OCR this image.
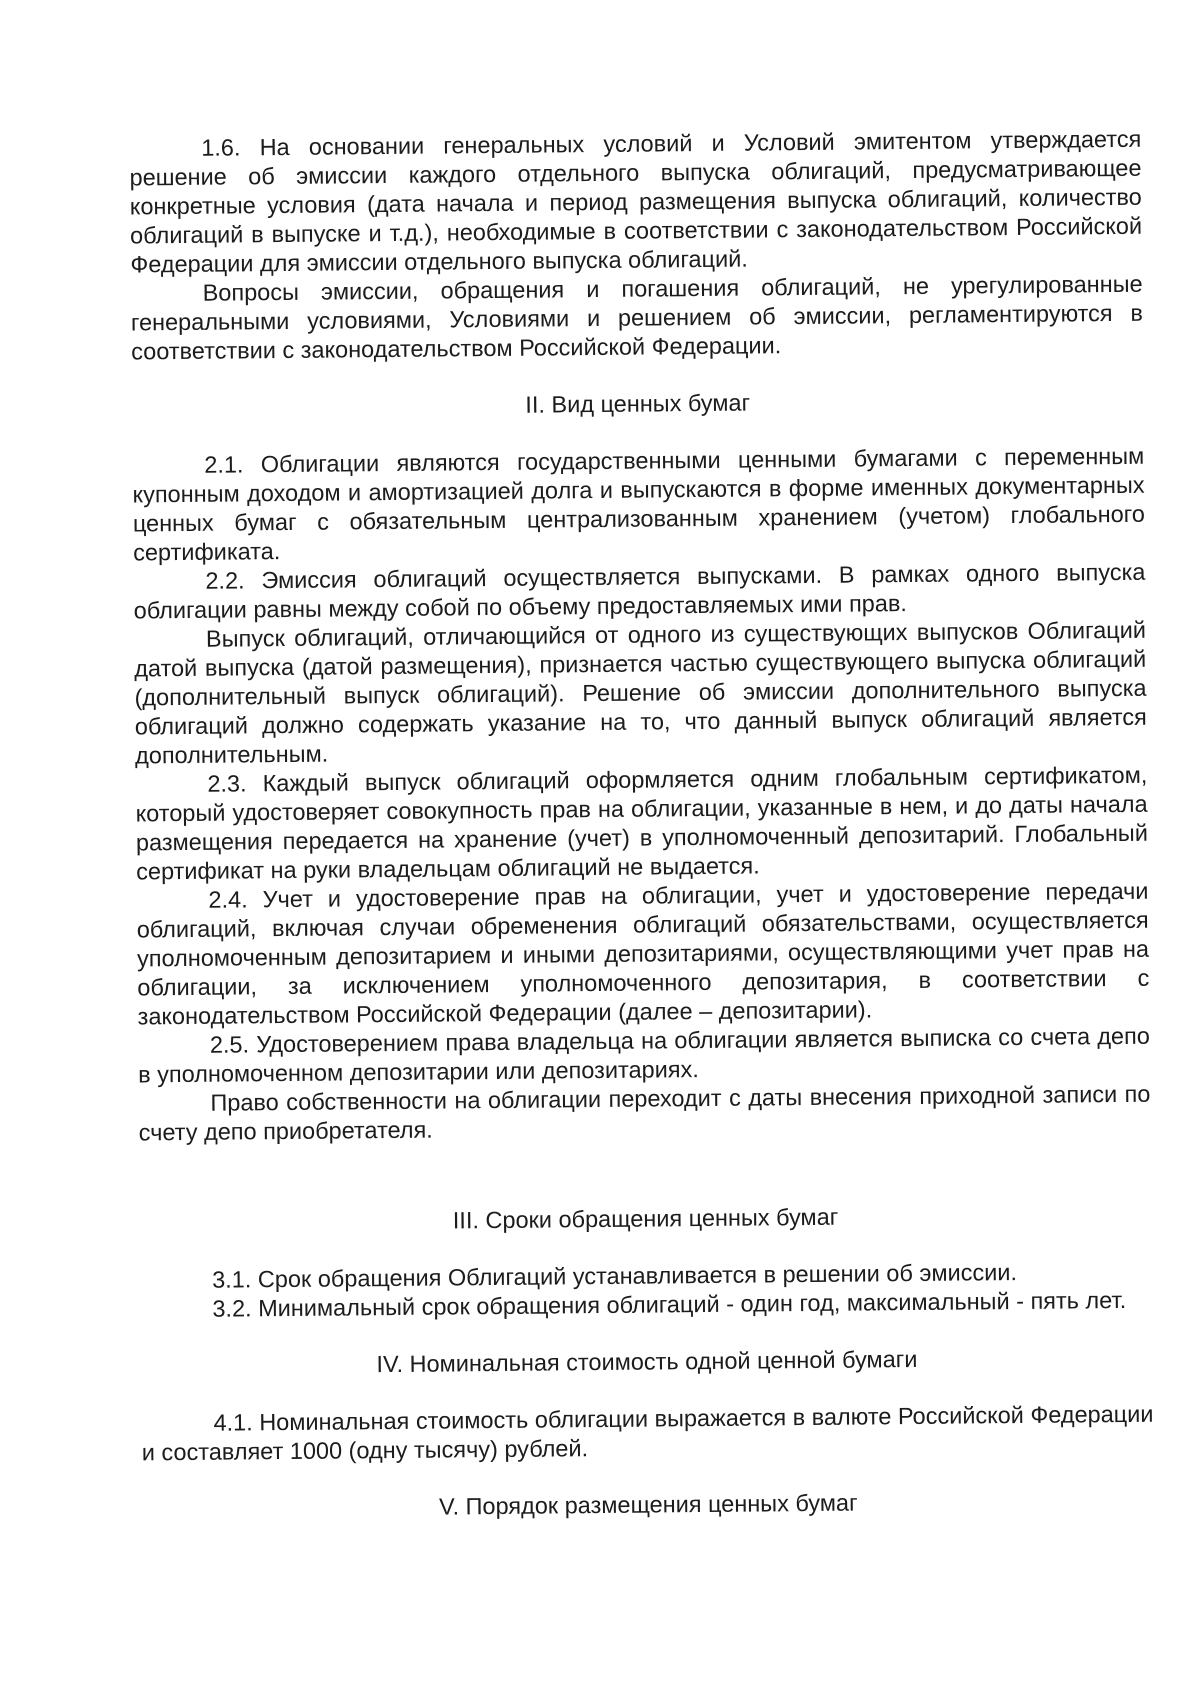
1.6. На основании генеральных условий и Условий эмитентом утверждается решение об эмиссии каждого отдельного выпуска облигаций, предусматривающее конкретные условия (дата начала и период размещения выпуска облигаций, количество облигаций в выпуске и т.д.), необходимые в соответствии с законодательством Российской Федерации для эмиссии отдельного выпуска облигаций.

Вопросы эмиссии, обращения и погашения облигаций, не урегулированные генеральными условиями, Условиями и решением об эмиссии, регламентируются в соответствии с законодательством Российской Федерации.

II. Вид ценных бумаг

2.1. Облигации являются государственными ценными бумагами с переменным купонным доходом и амортизацией долга и выпускаются в форме именных документарных ценных бумаг с обязательным централизованным хранением (учетом) глобального сертификата.

2.2. Эмиссия облигаций осуществляется выпусками. В рамках одного выпуска облигации равны между собой по объему предоставляемых ими прав.

Выпуск облигаций, отличающийся от одного из существующих выпусков Облигаций датой выпуска (датой размещения), признается частью существующего выпуска облигаций (дополнительный выпуск облигаций). Решение об эмиссии дополнительного выпуска облигаций должно содержать указание на то, что данный выпуск облигаций является дополнительным.

2.3. Каждый выпуск облигаций оформляется одним глобальным сертификатом, который удостоверяет совокупность прав на облигации, указанные в нем, и до даты начала размещения передается на хранение (учет) в уполномоченный депозитарий. Глобальный сертификат на руки владельцам облигаций не выдается.

2.4. Учет и удостоверение прав на облигации, учет и удостоверение передачи облигаций, включая случаи обременения облигаций обязательствами, осуществляется уполномоченным депозитарием и иными депозитариями, осуществляющими учет прав на облигации, за исключением уполномоченного депозитария, в соответствии с законодательством Российской Федерации (далее – депозитарии).

2.5. Удостоверением права владельца на облигации является выписка со счета депо в уполномоченном депозитарии или депозитариях.

Право собственности на облигации переходит с даты внесения приходной записи по счету депо приобретателя.

III. Сроки обращения ценных бумаг

3.1. Срок обращения Облигаций устанавливается в решении об эмиссии.

3.2. Минимальный срок обращения облигаций - один год, максимальный - пять лет.

IV. Номинальная стоимость одной ценной бумаги

4.1. Номинальная стоимость облигации выражается в валюте Российской Федерации и составляет 1000 (одну тысячу) рублей.

V. Порядок размещения ценных бумаг
